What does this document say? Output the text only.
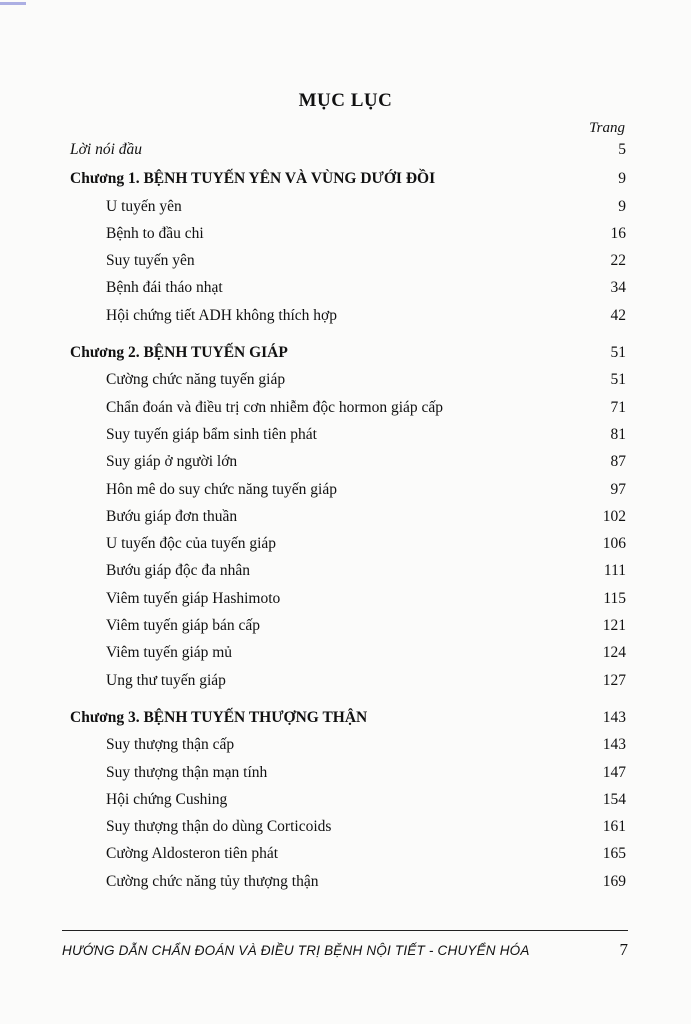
MỤC LỤC
Trang
Lời nói đầu	5
Chương 1. BỆNH TUYẾN YÊN VÀ VÙNG DƯỚI ĐỒI	9
U tuyến yên	9
Bệnh to đầu chi	16
Suy tuyến yên	22
Bệnh đái tháo nhạt	34
Hội chứng tiết ADH không thích hợp	42
Chương 2. BỆNH TUYẾN GIÁP	51
Cường chức năng tuyến giáp	51
Chẩn đoán và điều trị cơn nhiễm độc hormon giáp cấp	71
Suy tuyến giáp bẩm sinh tiên phát	81
Suy giáp ở người lớn	87
Hôn mê do suy chức năng tuyến giáp	97
Bướu giáp đơn thuần	102
U tuyến độc của tuyến giáp	106
Bướu giáp độc đa nhân	111
Viêm tuyến giáp Hashimoto	115
Viêm tuyến giáp bán cấp	121
Viêm tuyến giáp mủ	124
Ung thư tuyến giáp	127
Chương 3. BỆNH TUYẾN THƯỢNG THẬN	143
Suy thượng thận cấp	143
Suy thượng thận mạn tính	147
Hội chứng Cushing	154
Suy thượng thận do dùng Corticoids	161
Cường Aldosteron tiên phát	165
Cường chức năng tủy thượng thận	169
HƯỚNG DẪN CHẨN ĐOÁN VÀ ĐIỀU TRỊ BỆNH NỘI TIẾT - CHUYỂN HÓA	7
